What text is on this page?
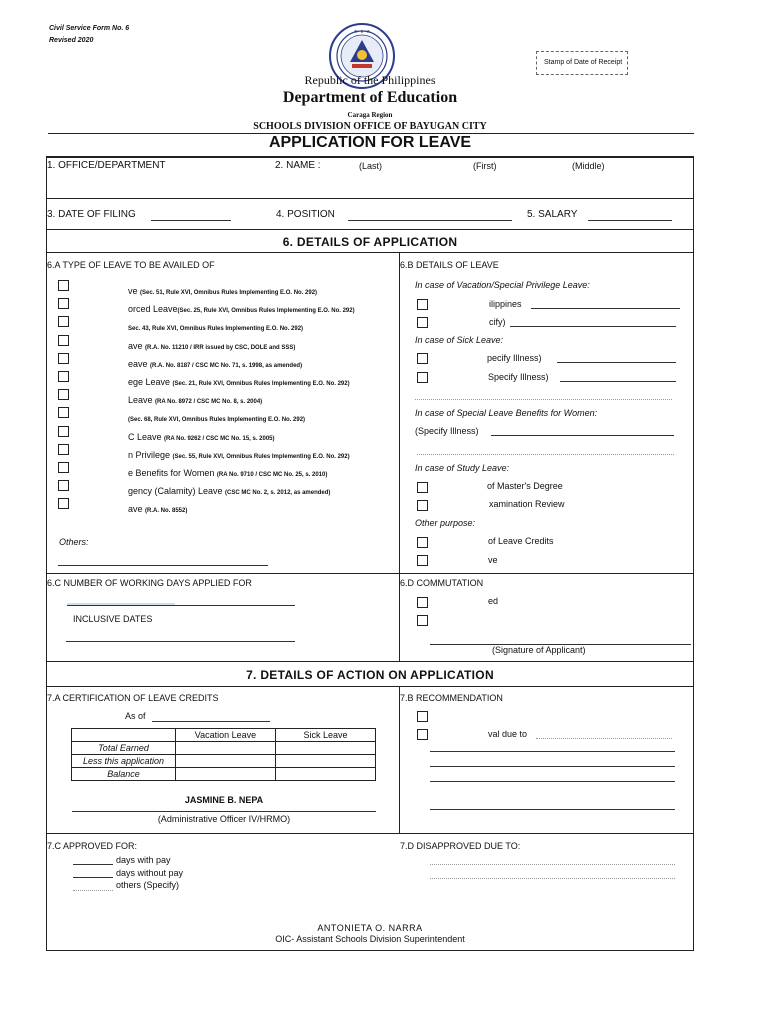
Civil Service Form No. 6
Revised 2020
★ ★ ★
Stamp of Date of Receipt
Republic of the Philippines
Department of Education
Caraga Region
SCHOOLS DIVISION OFFICE OF BAYUGAN CITY
APPLICATION FOR LEAVE
1. OFFICE/DEPARTMENT	2. NAME :	(Last)	(First)	(Middle)
3. DATE OF FILING	4. POSITION	5. SALARY
6. DETAILS OF APPLICATION
6.A TYPE OF LEAVE TO BE AVAILED OF
ve (Sec. 51, Rule XVI, Omnibus Rules Implementing E.O. No. 292)
orced Leave(Sec. 25, Rule XVI, Omnibus Rules Implementing E.O. No. 292)
Sec. 43, Rule XVI, Omnibus Rules Implementing E.O. No. 292)
ave (R.A. No. 11210 / IRR issued by CSC, DOLE and SSS)
eave (R.A. No. 8187 / CSC MC No. 71, s. 1998, as amended)
ege Leave (Sec. 21, Rule XVI, Omnibus Rules Implementing E.O. No. 292)
Leave (RA No. 8972 / CSC MC No. 8, s. 2004)
(Sec. 68, Rule XVI, Omnibus Rules Implementing E.O. No. 292)
C Leave (RA No. 9262 / CSC MC No. 15, s. 2005)
n Privilege (Sec. 55, Rule XVI, Omnibus Rules Implementing E.O. No. 292)
e Benefits for Women (RA No. 9710 / CSC MC No. 25, s. 2010)
gency (Calamity) Leave (CSC MC No. 2, s. 2012, as amended)
ave (R.A. No. 8552)
Others:
6.B DETAILS OF LEAVE
In case of Vacation/Special Privilege Leave:
ilippines
cify)
In case of Sick Leave:
pecify Illness)
Specify Illness)
In case of Special Leave Benefits for Women:
(Specify Illness)
In case of Study Leave:
of Master's Degree
xamination Review
Other purpose:
of Leave Credits
ve
6.C NUMBER OF WORKING DAYS APPLIED FOR
INCLUSIVE DATES
6.D COMMUTATION
ed
(Signature of Applicant)
7. DETAILS OF ACTION ON APPLICATION
7.A CERTIFICATION OF LEAVE CREDITS
As of
	Vacation Leave	Sick Leave
Total Earned		
Less this application		
Balance		
JASMINE B. NEPA
(Administrative Officer IV/HRMO)
7.B RECOMMENDATION
val due to
7.C APPROVED FOR:
days with pay
days without pay
others (Specify)
7.D DISAPPROVED DUE TO:
ANTONIETA O. NARRA
OIC- Assistant Schools Division Superintendent
